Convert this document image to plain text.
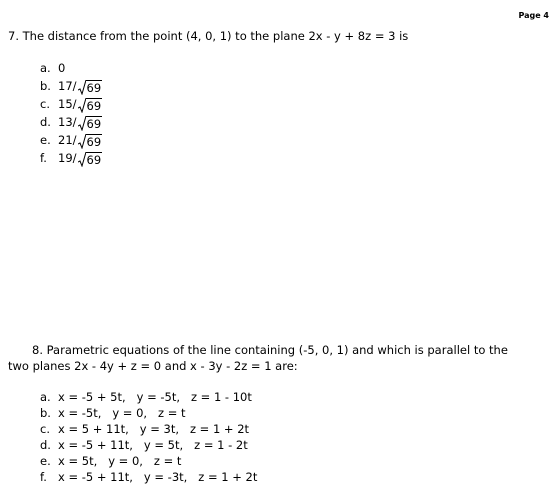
Page 4
7. The distance from the point (4, 0, 1) to the plane 2x - y + 8z = 3 is
a. 0
b. 17/ 69
c. 15/ 69
d. 13/ 69
e. 21/ 69
f. 19/ 69
8. Parametric equations of the line containing (-5, 0, 1) and which is parallel to the
two planes 2x - 4y + z = 0 and x - 3y - 2z = 1 are:
a. x = -5 + 5t,   y = -5t,   z = 1 - 10t
b. x = -5t,   y = 0,   z = t
c. x = 5 + 11t,   y = 3t,   z = 1 + 2t
d. x = -5 + 11t,   y = 5t,   z = 1 - 2t
e. x = 5t,   y = 0,   z = t
f. x = -5 + 11t,   y = -3t,   z = 1 + 2t
